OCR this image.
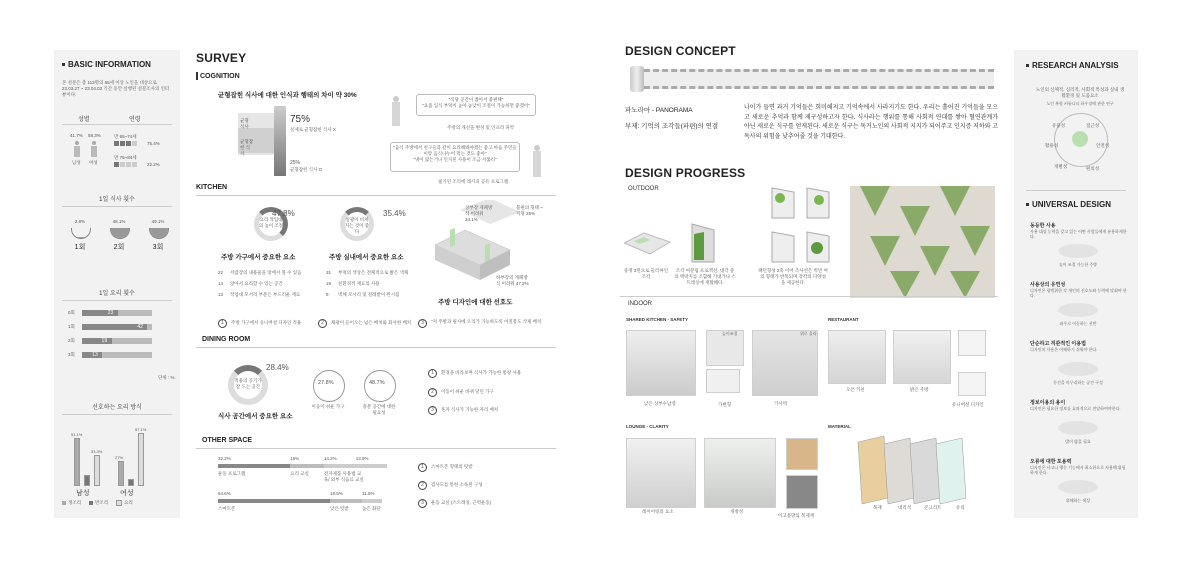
BASIC INFORMATION
본 설문은 총 113명의 65세 이상 노인을 대상으로 23.03.27 ~ 23.04.03 기간 동안 실행된 설문조사의 인터뷰이다.
성별	연령
41.7% 58.3%
남성 여성
만 65~74세
75.4%
만 75~84세
22.2%
1일 식사 횟수
1일 요리 횟수
단위 : %
선호하는 요리 방식
생조리	반조리	요리
SURVEY
COGNITION
균형잡힌 식사에 대한 인식과 행태의 차이 약 30%
균형 식사
균형잡힌 식사
75%
실제로 균형잡힌 식사 X
25%
균형잡힌 식사 O
"식당 공간이 좁아서 불편해"
"요즘 입식 부엌이 높아 높낮이 조절이 가능하면 좋겠어"
주방의 개선을 변경 및 인프라 파악
"음식 주방에서 친구들과 같이 요리해봐야겠는 좋고 마음 주민들이랑 음식나누어 먹는 것도 좋아"
"냉이 많는거나 인지된 사용이 조금 서툴러"
필기된 조리에 레시피 공유 프로그램
KITCHEN
요리 작업대의 높이 조절
47.8%
주방 가구에서 중요한 요소
일광이 비쳐지는 것이 좋다
35.4%
주방 실내에서 중요한 요소
상부장 개폐방식 어려워 34.1%
불편의 형태 ~지형 26%
하부장의 개폐방식 어려워 47.2%
주방 디자인에 대한 선호도
1	주방 가구에서 유니버설 디자인 적용	2	채광이 들어오는 넓은 배치와 화사한 배치	3	"저 주방과 필사에 오리가 가능하도록 어질봉도 삭제 배치
DINING ROOM
적용의 공기가 잘 드는 공간
28.4%
식사 공간에서 중요한 요소
27.8%
이동이 쉬운 가구
48.7%
충분 공간에 대한 필요성
1	환경을 바라보며 식사가 가능한 통창 사용
2	이동이 쉬운 바퀴 달린 가구
3	혼자 식사가 가능한 자리 배치
OTHER SPACE
1	스마트폰 형태의 텃밭
2	검사도를 통한 소독된 구성
3	운동 교실 (스트레칭, 근력운동)
DESIGN CONCEPT
파노라마 - PANORAMA
부제: 기억의 조각들(파편)의 연결
나이가 들면 과거 기억들은 희미해지고 기억속에서 사라지기도 한다. 우리는 흩어진 기억들을 모으고 새로운 추억과 함께 재구성하고자 한다. 식사라는 행위를 통해 사회적 연대를 쌓아 혈연관계가 아닌 새로운 식구를 얻게된다. 새로운 식구는 독거노인의 사회적 지지가 되어주고 인지증 저하와 고독사의 위험을 낮추어줄 것을 기대한다.
DESIGN PROGRESS
OUTDOOR
중정 3면으로 둘러싸인 조각
조각 여분림 프로젝션, 대각 중의 맥락지를 조합해 기대가나 스트레칭에 재활해다.
패턴형성 2축 이어 측사선은 벽면 여의 형태가 반복되며 강각의 다양성을 제공한다.
INDOOR
SHARED KITCHEN - SAFETY
낮은 상부수납장	가변형	가사벽
높이조절	위로 올라
RESTAURANT
오픈 키친	밝은 주방
유니버설 디자인
LOUNGE - CLARITY
레이어링의 요소	개방성
이고흥망의 복제재
MATERIAL
목재	대리석	콘크리트	유리
RESEARCH ANALYSIS
노인의 신체적, 심리적, 사회적 특성과 실내 생활환경 및 도움요소
노인 복합 커뮤니티 하우징에 관한 연구
유용성	접근성
활용성	안전성
개별성	편의성
UNIVERSAL DESIGN
2.8%
1회
48.1%
2회
49.1%
3회
0회	23
1회	42
2회	19
3회	13
51.1%
33.3%
남성
27%
57.1%
여성
22 서랍장의 내용물을 밖에서 볼 수 있음
14 앉아서 요리할 수 있는 공간
13 작업대 모서리 부분은 부드러운 재료
31 부엌의 색상은 전체적으로 밝은 색채
19 친환경적 재료의 사용
9 벽체 모서리 및 걸레받이 완시됨
32.2%
운동 프로그램
15%
요리 교실
14.2%
전자제품 사용법 교육/ 외부 식음료 교실
13.9%
64.6%
스마트폰
18.5%
낮은 텃밭
11.5%
높은 화단
동등한 사용
사용 대상 능력을 갖고 있는 어떤 사람들에게 유용하게한다.
높이 조절 가능한 주방
사용상의 유연성
디자인은 광범위한 각 개인의 선호도와 능력에 맞춰야 한다.
좌우로 이동하는 선반
단순하고 직관적인 이용법
디자인의 사용은 이해하기 쉬워야 한다.
동선을 마무리하는 공간 구성
정보이용의 용이
디자인은 필요한 정보를 효과적으로 전달하여야한다.
발이 밟을 필요
오류에 대한 포용력
디자인은 사고나 행동 기능에서 최소한으로 사용해 위험하게 한다.
위해하는 색상
